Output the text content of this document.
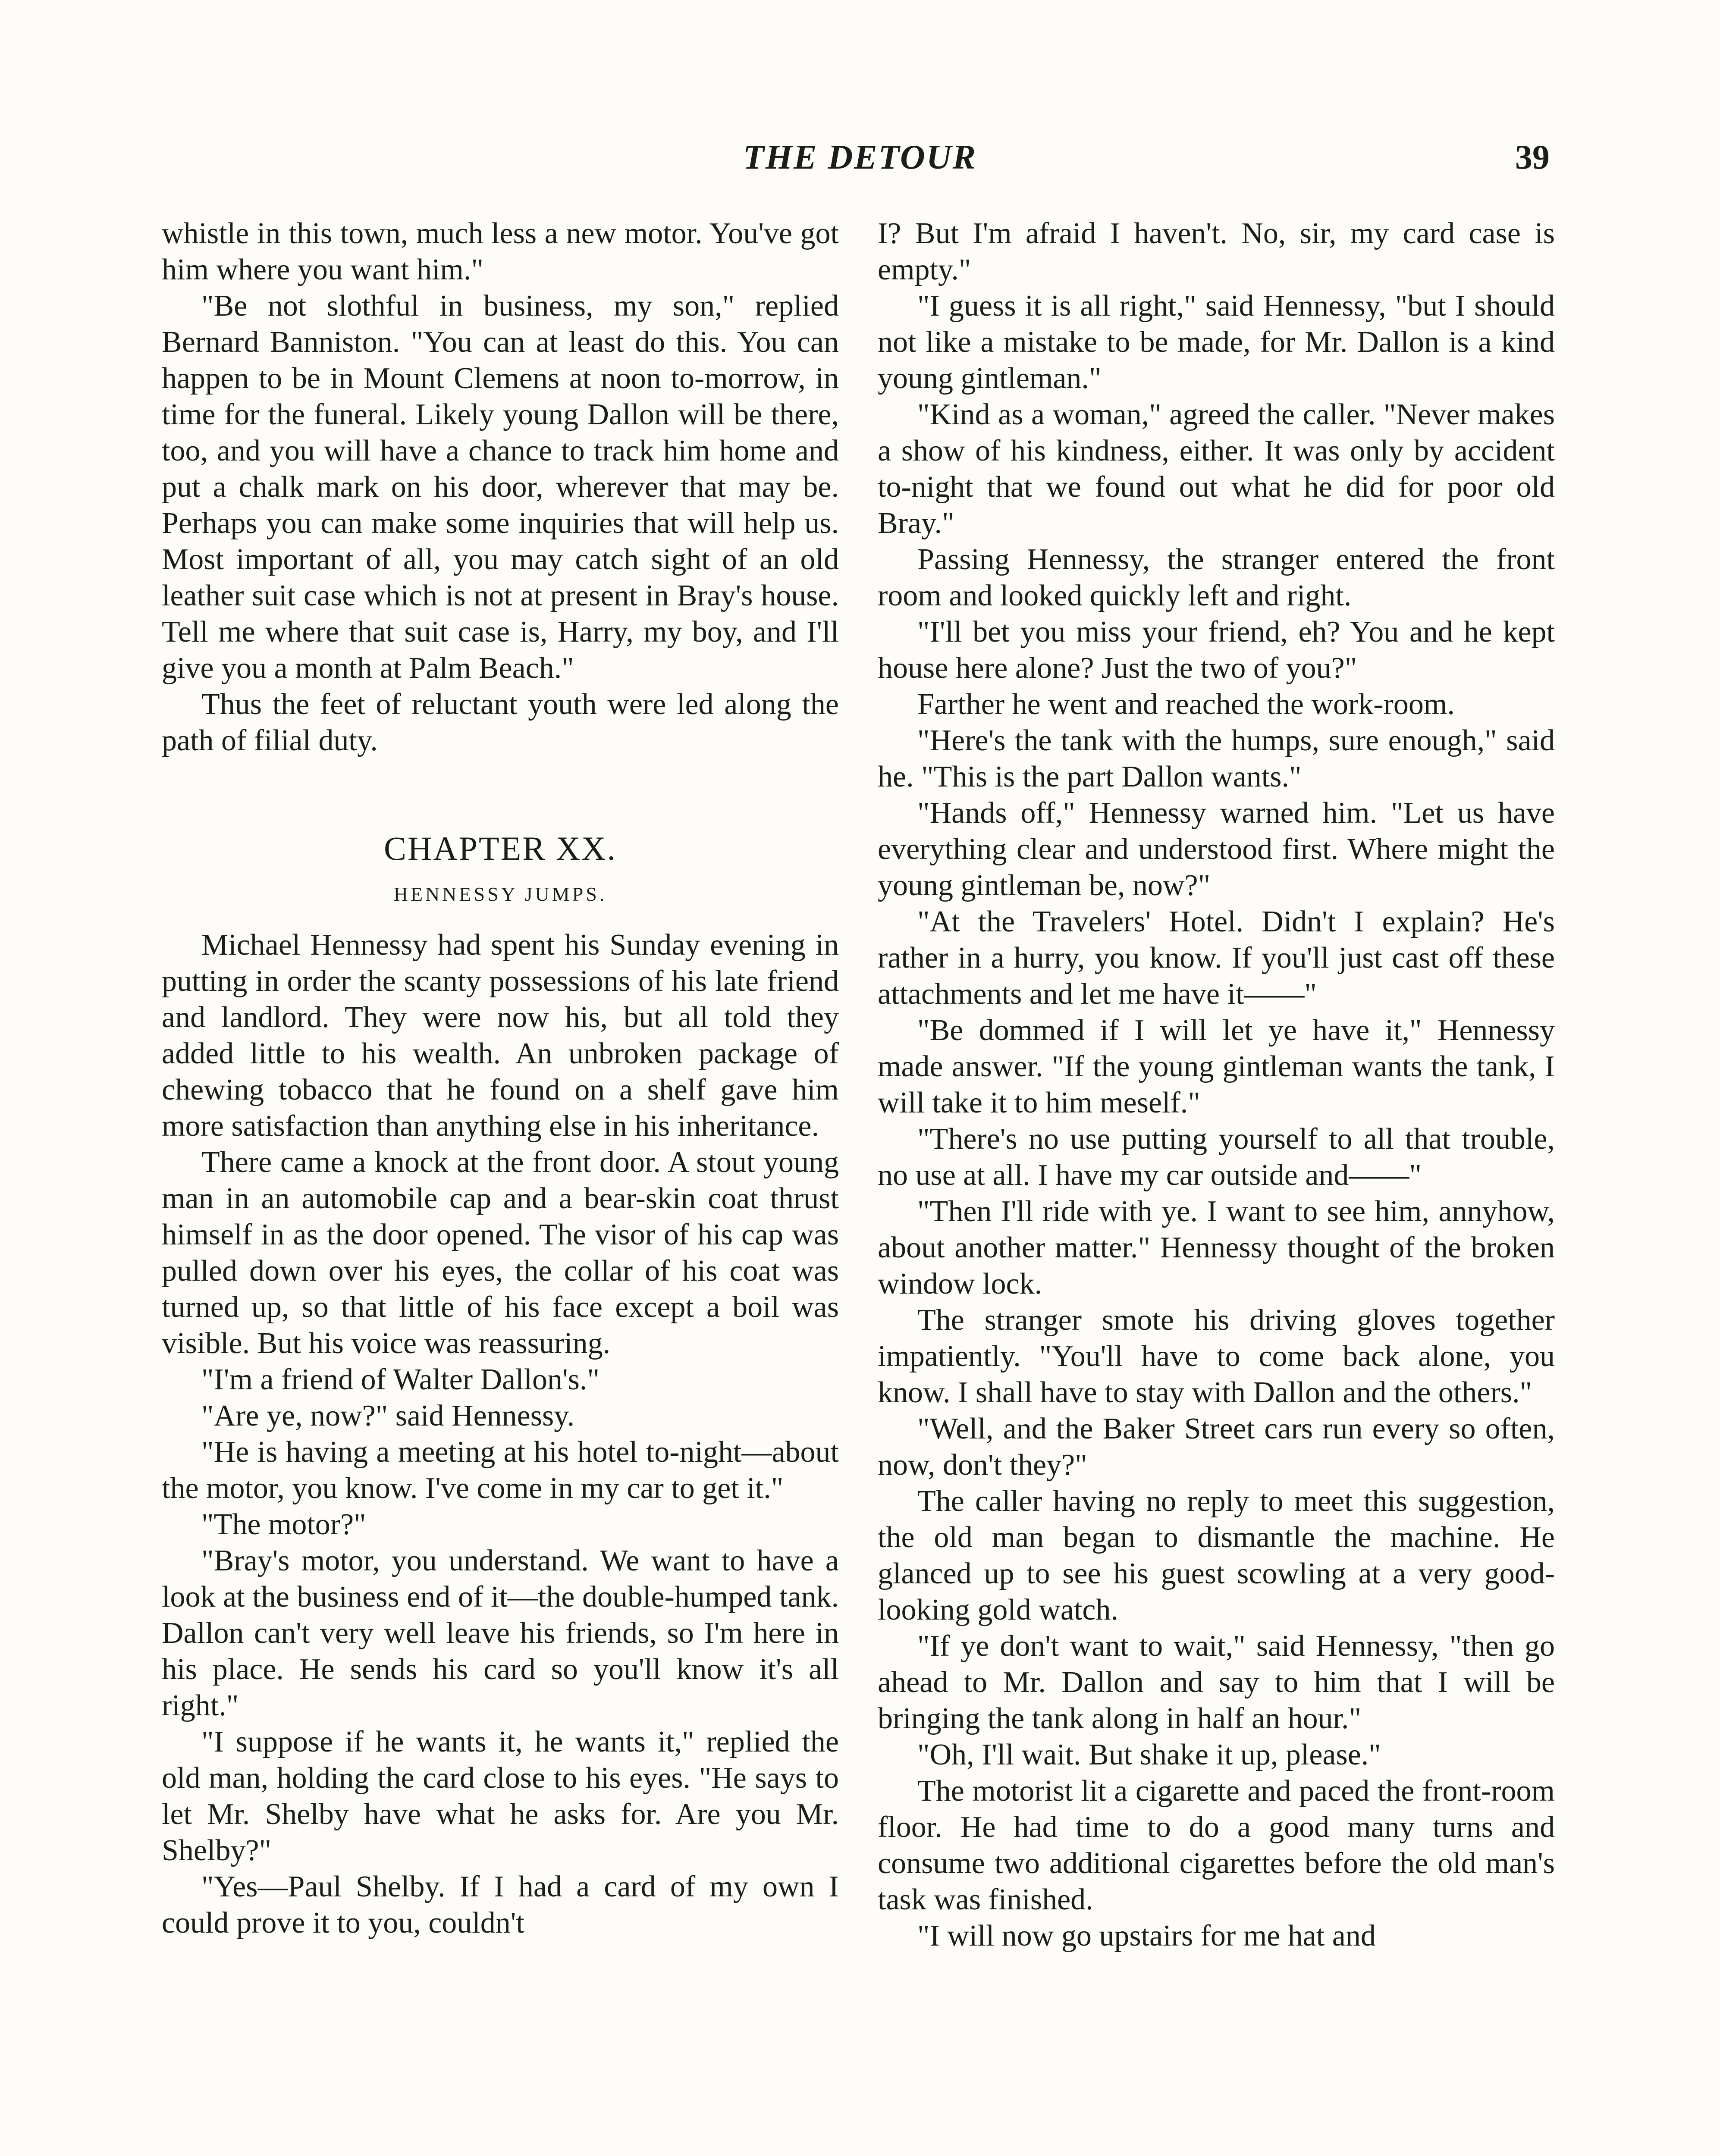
THE DETOUR	39

whistle in this town, much less a new motor. You've got him where you want him."

"Be not slothful in business, my son," replied Bernard Banniston. "You can at least do this. You can happen to be in Mount Clemens at noon to-morrow, in time for the funeral. Likely young Dallon will be there, too, and you will have a chance to track him home and put a chalk mark on his door, wherever that may be. Perhaps you can make some inquiries that will help us. Most important of all, you may catch sight of an old leather suit case which is not at present in Bray's house. Tell me where that suit case is, Harry, my boy, and I'll give you a month at Palm Beach."

Thus the feet of reluctant youth were led along the path of filial duty.

CHAPTER XX.
HENNESSY JUMPS.

Michael Hennessy had spent his Sunday evening in putting in order the scanty possessions of his late friend and landlord. They were now his, but all told they added little to his wealth. An unbroken package of chewing tobacco that he found on a shelf gave him more satisfaction than anything else in his inheritance.

There came a knock at the front door. A stout young man in an automobile cap and a bear-skin coat thrust himself in as the door opened. The visor of his cap was pulled down over his eyes, the collar of his coat was turned up, so that little of his face except a boil was visible. But his voice was reassuring.

"I'm a friend of Walter Dallon's."

"Are ye, now?" said Hennessy.

"He is having a meeting at his hotel to-night—about the motor, you know. I've come in my car to get it."

"The motor?"

"Bray's motor, you understand. We want to have a look at the business end of it—the double-humped tank. Dallon can't very well leave his friends, so I'm here in his place. He sends his card so you'll know it's all right."

"I suppose if he wants it, he wants it," replied the old man, holding the card close to his eyes. "He says to let Mr. Shelby have what he asks for. Are you Mr. Shelby?"

"Yes—Paul Shelby. If I had a card of my own I could prove it to you, couldn't

I? But I'm afraid I haven't. No, sir, my card case is empty."

"I guess it is all right," said Hennessy, "but I should not like a mistake to be made, for Mr. Dallon is a kind young gintleman."

"Kind as a woman," agreed the caller. "Never makes a show of his kindness, either. It was only by accident to-night that we found out what he did for poor old Bray."

Passing Hennessy, the stranger entered the front room and looked quickly left and right.

"I'll bet you miss your friend, eh? You and he kept house here alone? Just the two of you?"

Farther he went and reached the work-room.

"Here's the tank with the humps, sure enough," said he. "This is the part Dallon wants."

"Hands off," Hennessy warned him. "Let us have everything clear and understood first. Where might the young gintleman be, now?"

"At the Travelers' Hotel. Didn't I explain? He's rather in a hurry, you know. If you'll just cast off these attachments and let me have it——"

"Be dommed if I will let ye have it," Hennessy made answer. "If the young gintleman wants the tank, I will take it to him meself."

"There's no use putting yourself to all that trouble, no use at all. I have my car outside and——"

"Then I'll ride with ye. I want to see him, annyhow, about another matter." Hennessy thought of the broken window lock.

The stranger smote his driving gloves together impatiently. "You'll have to come back alone, you know. I shall have to stay with Dallon and the others."

"Well, and the Baker Street cars run every so often, now, don't they?"

The caller having no reply to meet this suggestion, the old man began to dismantle the machine. He glanced up to see his guest scowling at a very good-looking gold watch.

"If ye don't want to wait," said Hennessy, "then go ahead to Mr. Dallon and say to him that I will be bringing the tank along in half an hour."

"Oh, I'll wait. But shake it up, please."

The motorist lit a cigarette and paced the front-room floor. He had time to do a good many turns and consume two additional cigarettes before the old man's task was finished.

"I will now go upstairs for me hat and
